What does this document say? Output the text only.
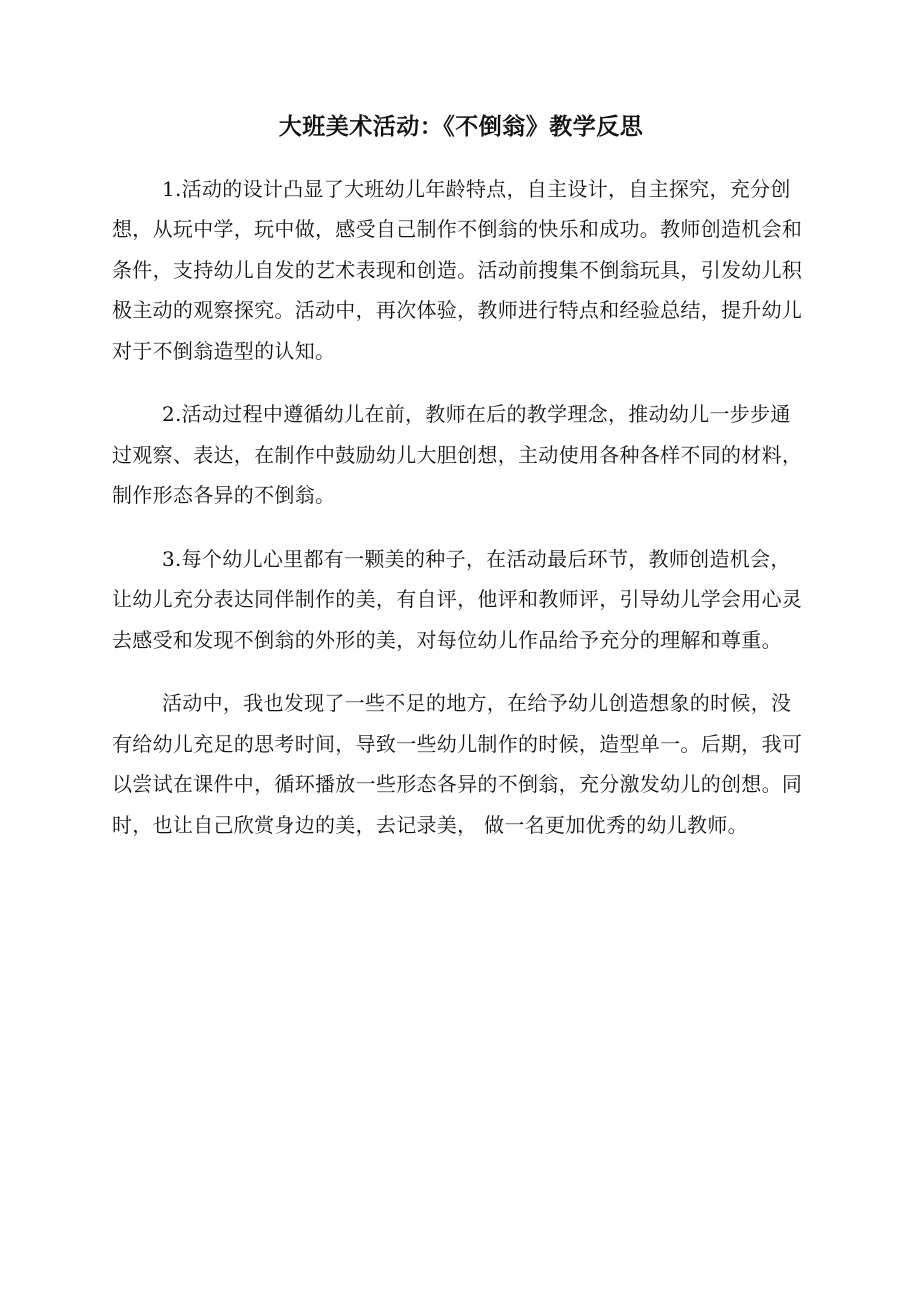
大班美术活动：《不倒翁》教学反思

1.活动的设计凸显了大班幼儿年龄特点，自主设计，自主探究，充分创想，从玩中学，玩中做，感受自己制作不倒翁的快乐和成功。教师创造机会和条件，支持幼儿自发的艺术表现和创造。活动前搜集不倒翁玩具，引发幼儿积极主动的观察探究。活动中，再次体验，教师进行特点和经验总结，提升幼儿对于不倒翁造型的认知。

2.活动过程中遵循幼儿在前，教师在后的教学理念，推动幼儿一步步通过观察、表达，在制作中鼓励幼儿大胆创想，主动使用各种各样不同的材料，制作形态各异的不倒翁。

3.每个幼儿心里都有一颗美的种子，在活动最后环节，教师创造机会，让幼儿充分表达同伴制作的美，有自评，他评和教师评，引导幼儿学会用心灵去感受和发现不倒翁的外形的美，对每位幼儿作品给予充分的理解和尊重。

活动中，我也发现了一些不足的地方，在给予幼儿创造想象的时候，没有给幼儿充足的思考时间，导致一些幼儿制作的时候，造型单一。后期，我可以尝试在课件中，循环播放一些形态各异的不倒翁，充分激发幼儿的创想。同时，也让自己欣赏身边的美，去记录美， 做一名更加优秀的幼儿教师。
